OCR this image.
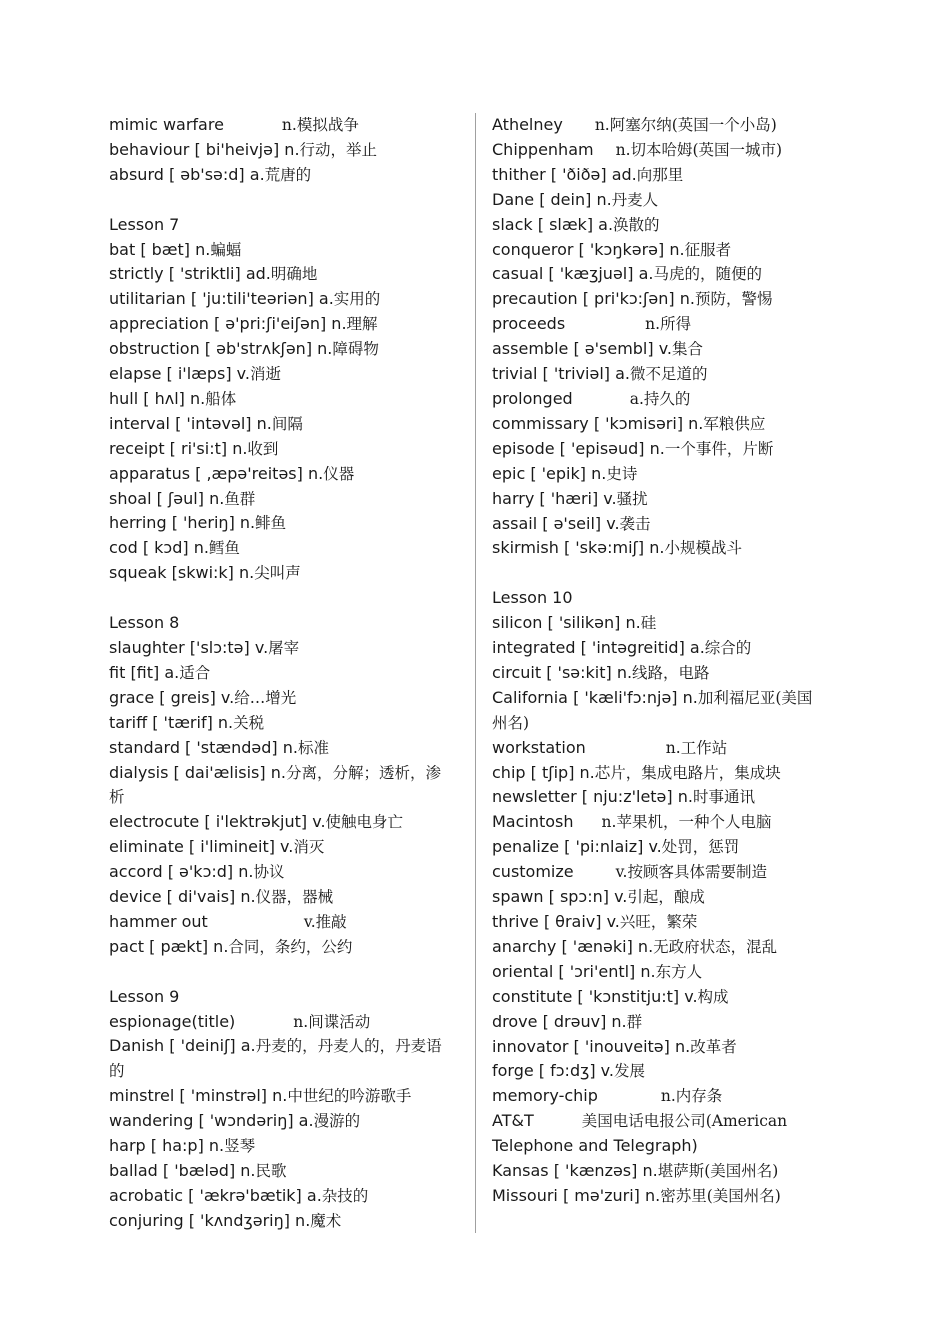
mimic warfare	n.模拟战争
behaviour [ bi'heivjə] n.行动，举止
absurd [ əb'sə:d] a.荒唐的
Lesson 7
bat [ bæt] n.蝙蝠
strictly [ 'striktli] ad.明确地
utilitarian [ 'ju:tili'teəriən] a.实用的
appreciation [ ə'pri:ʃi'eiʃən] n.理解
obstruction [ əb'strʌkʃən] n.障碍物
elapse [ i'læps] v.消逝
hull [ hʌl] n.船体
interval [ 'intəvəl] n.间隔
receipt [ ri'si:t] n.收到
apparatus [ ,æpə'reitəs] n.仪器
shoal [ ʃəul] n.鱼群
herring [ 'heriŋ] n.鲱鱼
cod [ kɔd] n.鳕鱼
squeak [skwi:k] n.尖叫声
Lesson 8
slaughter ['slɔ:tə] v.屠宰
fit [fit] a.适合
grace [ greis] v.给…增光
tariff [ 'tærif] n.关税
standard [ 'stændəd] n.标准
dialysis [ dai'ælisis] n.分离，分解；透析，渗
析
electrocute [ i'lektrəkjut] v.使触电身亡
eliminate [ i'limineit] v.消灭
accord [ ə'kɔ:d] n.协议
device [ di'vais] n.仪器，器械
hammer out	v.推敲
pact [ pækt] n.合同，条约，公约
Lesson 9
espionage(title)	n.间谍活动
Danish [ 'deiniʃ] a.丹麦的，丹麦人的，丹麦语
的
minstrel [ 'minstrəl] n.中世纪的吟游歌手
wandering [ 'wɔndəriŋ] a.漫游的
harp [ ha:p] n.竖琴
ballad [ 'bæləd] n.民歌
acrobatic [ 'ækrə'bætik] a.杂技的
conjuring [ 'kʌndʒəriŋ] n.魔术
Athelney n.阿塞尔纳(英国一个小岛)
Chippenham n.切本哈姆(英国一城市)
thither [ 'ðiðə] ad.向那里
Dane [ dein] n.丹麦人
slack [ slæk] a.涣散的
conqueror [ 'kɔŋkərə] n.征服者
casual [ 'kæʒjuəl] a.马虎的，随便的
precaution [ pri'kɔ:ʃən] n.预防，警惕
proceeds	n.所得
assemble [ ə'sembl] v.集合
trivial [ 'triviəl] a.微不足道的
prolonged	a.持久的
commissary [ 'kɔmisəri] n.军粮供应
episode [ 'episəud] n.一个事件，片断
epic [ 'epik] n.史诗
harry [ 'hæri] v.骚扰
assail [ ə'seil] v.袭击
skirmish [ 'skə:miʃ] n.小规模战斗
Lesson 10
silicon [ 'silikən] n.硅
integrated [ 'intəgreitid] a.综合的
circuit [ 'sə:kit] n.线路，电路
California [ 'kæli'fɔ:njə] n.加利福尼亚(美国
州名)
workstation	n.工作站
chip [ tʃip] n.芯片，集成电路片，集成块
newsletter [ nju:z'letə] n.时事通讯
Macintosh n.苹果机，一种个人电脑
penalize [ 'pi:nlaiz] v.处罚，惩罚
customize	v.按顾客具体需要制造
spawn [ spɔ:n] v.引起，酿成
thrive [ θraiv] v.兴旺，繁荣
anarchy [ 'ænəki] n.无政府状态，混乱
oriental [ 'ɔri'entl] n.东方人
constitute [ 'kɔnstitju:t] v.构成
drove [ drəuv] n.群
innovator [ 'inouveitə] n.改革者
forge [ fɔ:dʒ] v.发展
memory-chip	n.内存条
AT&T	美国电话电报公司(American
Telephone and Telegraph)
Kansas [ 'kænzəs] n.堪萨斯(美国州名)
Missouri [ mə'zuri] n.密苏里(美国州名)
